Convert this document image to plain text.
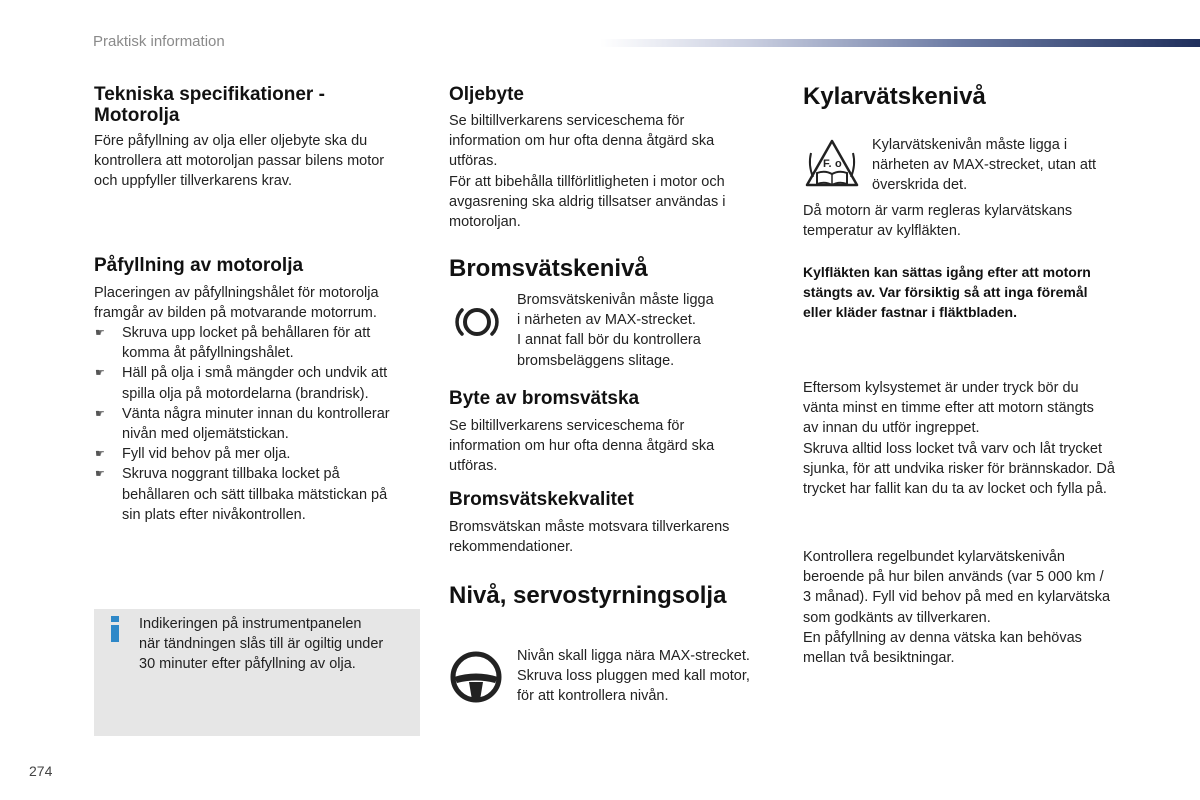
Praktisk information
Tekniska specifikationer - Motorolja
Före påfyllning av olja eller oljebyte ska du
kontrollera att motoroljan passar bilens motor
och uppfyller tillverkarens krav.
Påfyllning av motorolja
Placeringen av påfyllningshålet för motorolja
framgår av bilden på motvarande motorrum.
☛ Skruva upp locket på behållaren för att
komma åt påfyllningshålet.
☛ Häll på olja i små mängder och undvik att
spilla olja på motordelarna (brandrisk).
☛ Vänta några minuter innan du kontrollerar
nivån med oljemätstickan.
☛ Fyll vid behov på mer olja.
☛ Skruva noggrant tillbaka locket på
behållaren och sätt tillbaka mätstickan på
sin plats efter nivåkontrollen.
Indikeringen på instrumentpanelen
när tändningen slås till är ogiltig under
30 minuter efter påfyllning av olja.
Oljebyte
Se biltillverkarens serviceschema för
information om hur ofta denna åtgärd ska
utföras.
För att bibehålla tillförlitligheten i motor och
avgasrening ska aldrig tillsatser användas i
motoroljan.
Bromsvätskenivå
Bromsvätskenivån måste ligga
i närheten av MAX-strecket.
I annat fall bör du kontrollera
bromsbeläggens slitage.
Byte av bromsvätska
Se biltillverkarens serviceschema för
information om hur ofta denna åtgärd ska
utföras.
Bromsvätskekvalitet
Bromsvätskan måste motsvara tillverkarens
rekommendationer.
Nivå, servostyrningsolja
Nivån skall ligga nära MAX-strecket.
Skruva loss pluggen med kall motor,
för att kontrollera nivån.
Kylarvätskenivå
F. o
Kylarvätskenivån måste ligga i
närheten av MAX-strecket, utan att
överskrida det.
Då motorn är varm regleras kylarvätskans
temperatur av kylfläkten.
Kylfläkten kan sättas igång efter att motorn
stängts av. Var försiktig så att inga föremål
eller kläder fastnar i fläktbladen.
Eftersom kylsystemet är under tryck bör du
vänta minst en timme efter att motorn stängts
av innan du utför ingreppet.
Skruva alltid loss locket två varv och låt trycket
sjunka, för att undvika risker för brännskador. Då
trycket har fallit kan du ta av locket och fylla på.
Kontrollera regelbundet kylarvätskenivån
beroende på hur bilen används (var 5 000 km /
3 månad). Fyll vid behov på med en kylarvätska
som godkänts av tillverkaren.
En påfyllning av denna vätska kan behövas
mellan två besiktningar.
274
